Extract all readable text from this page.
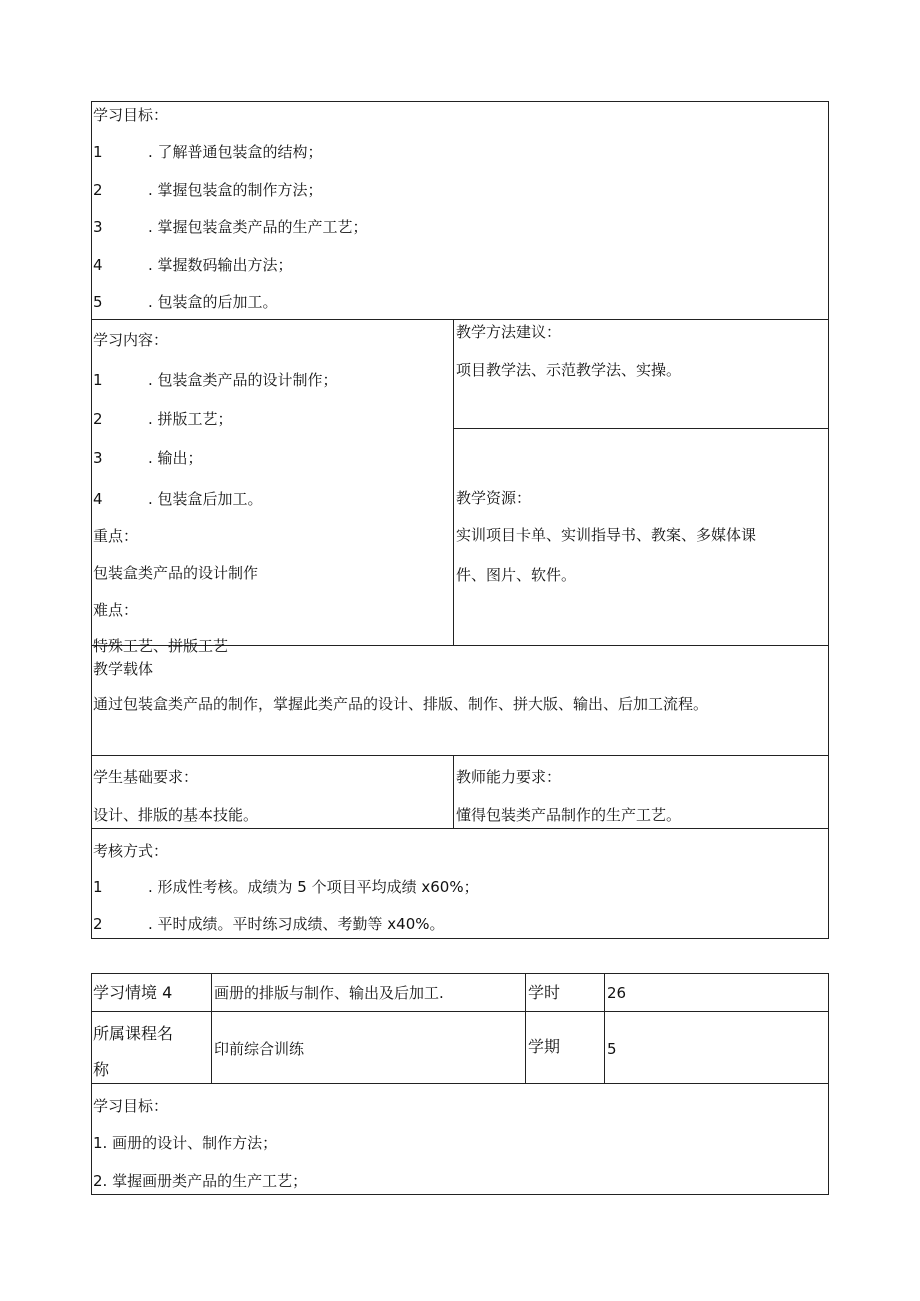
学习目标：
1	. 了解普通包装盒的结构；
2	. 掌握包装盒的制作方法；
3	. 掌握包装盒类产品的生产工艺；
4	. 掌握数码输出方法；
5	. 包装盒的后加工。
学习内容：
1	. 包装盒类产品的设计制作；
2	. 拼版工艺；
3	. 输出；
4	. 包装盒后加工。
重点：
包装盒类产品的设计制作
难点：
特殊工艺、拼版工艺
教学方法建议：
项目教学法、示范教学法、实操。
教学资源：
实训项目卡单、实训指导书、教案、多媒体课
件、图片、软件。
教学载体
通过包装盒类产品的制作，掌握此类产品的设计、排版、制作、拼大版、输出、后加工流程。
学生基础要求：
设计、排版的基本技能。
教师能力要求：
懂得包装类产品制作的生产工艺。
考核方式：
1	. 形成性考核。成绩为 5 个项目平均成绩 x60%；
2	. 平时成绩。平时练习成绩、考勤等 x40%。
学习情境 4	画册的排版与制作、输出及后加工.	学时	26
所属课程名
称
印前综合训练	学期	5
学习目标：
1. 画册的设计、制作方法；
2. 掌握画册类产品的生产工艺；
